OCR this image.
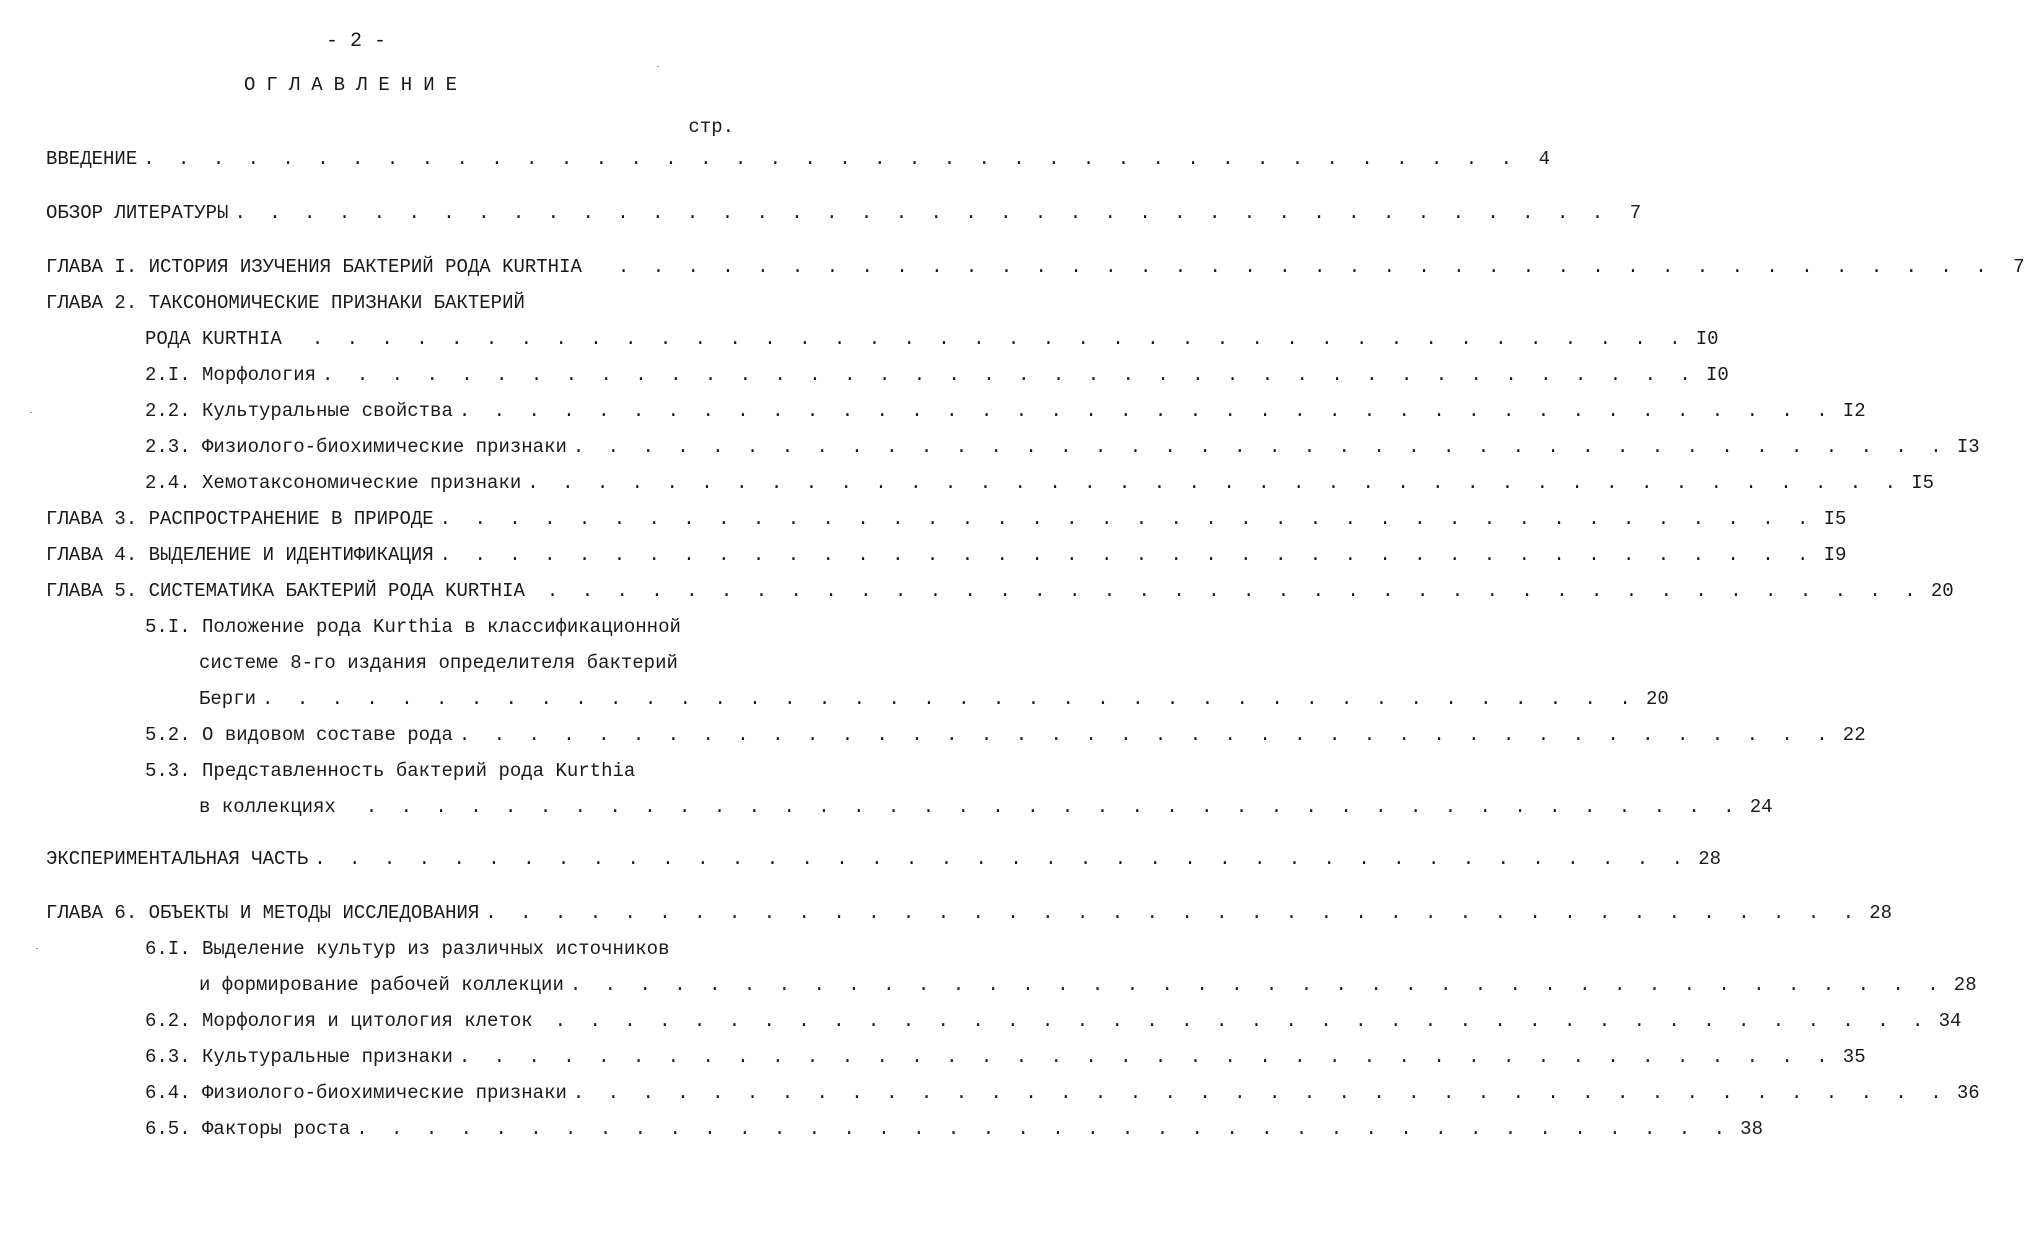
- 2 -
ОГЛАВЛЕНИЕ
стр.
ВВЕДЕНИЕ . . . . . . . . . . . . . . . . . . . . . . . . . . . . . . . . . . . . . . . .	4
ОБЗОР ЛИТЕРАТУРЫ . . . . . . . . . . . . . . . . . . . . . . . . . . . . . . . . . . . . . . . .	7
ГЛАВА I. ИСТОРИЯ ИЗУЧЕНИЯ БАКТЕРИЙ РОДА KURTHIA . . . . . . . . . . . . . . . . . . . . . . . . . . . . . . . . . . . . . . . .	7
ГЛАВА 2. ТАКСОНОМИЧЕСКИЕ ПРИЗНАКИ БАКТЕРИЙ
РОДА KURTHIA . . . . . . . . . . . . . . . . . . . . . . . . . . . . . . . . . . . . . . . . I0
2.I. Морфология . . . . . . . . . . . . . . . . . . . . . . . . . . . . . . . . . . . . . . . . I0
2.2. Культуральные свойства . . . . . . . . . . . . . . . . . . . . . . . . . . . . . . . . . . . . . . . . I2
2.3. Физиолого-биохимические признаки . . . . . . . . . . . . . . . . . . . . . . . . . . . . . . . . . . . . . . . . I3
2.4. Хемотаксономические признаки . . . . . . . . . . . . . . . . . . . . . . . . . . . . . . . . . . . . . . . . I5
ГЛАВА 3. РАСПРОСТРАНЕНИЕ В ПРИРОДЕ . . . . . . . . . . . . . . . . . . . . . . . . . . . . . . . . . . . . . . . . I5
ГЛАВА 4. ВЫДЕЛЕНИЕ И ИДЕНТИФИКАЦИЯ . . . . . . . . . . . . . . . . . . . . . . . . . . . . . . . . . . . . . . . . I9
ГЛАВА 5. СИСТЕМАТИКА БАКТЕРИЙ РОДА KURTHIA . . . . . . . . . . . . . . . . . . . . . . . . . . . . . . . . . . . . . . . . 20
5.I. Положение рода Kurthia в классификационной
системе 8-го издания определителя бактерий
Берги . . . . . . . . . . . . . . . . . . . . . . . . . . . . . . . . . . . . . . . . 20
5.2. О видовом составе рода . . . . . . . . . . . . . . . . . . . . . . . . . . . . . . . . . . . . . . . . 22
5.3. Представленность бактерий рода Kurthia
в коллекциях . . . . . . . . . . . . . . . . . . . . . . . . . . . . . . . . . . . . . . . . 24
ЭКСПЕРИМЕНТАЛЬНАЯ ЧАСТЬ . . . . . . . . . . . . . . . . . . . . . . . . . . . . . . . . . . . . . . . . 28
ГЛАВА 6. ОБЪЕКТЫ И МЕТОДЫ ИССЛЕДОВАНИЯ . . . . . . . . . . . . . . . . . . . . . . . . . . . . . . . . . . . . . . . . 28
6.I. Выделение культур из различных источников
и формирование рабочей коллекции . . . . . . . . . . . . . . . . . . . . . . . . . . . . . . . . . . . . . . . . 28
6.2. Морфология и цитология клеток . . . . . . . . . . . . . . . . . . . . . . . . . . . . . . . . . . . . . . . . 34
6.3. Культуральные признаки . . . . . . . . . . . . . . . . . . . . . . . . . . . . . . . . . . . . . . . . 35
6.4. Физиолого-биохимические признаки . . . . . . . . . . . . . . . . . . . . . . . . . . . . . . . . . . . . . . . . 36
6.5. Факторы роста . . . . . . . . . . . . . . . . . . . . . . . . . . . . . . . . . . . . . . . . 38
